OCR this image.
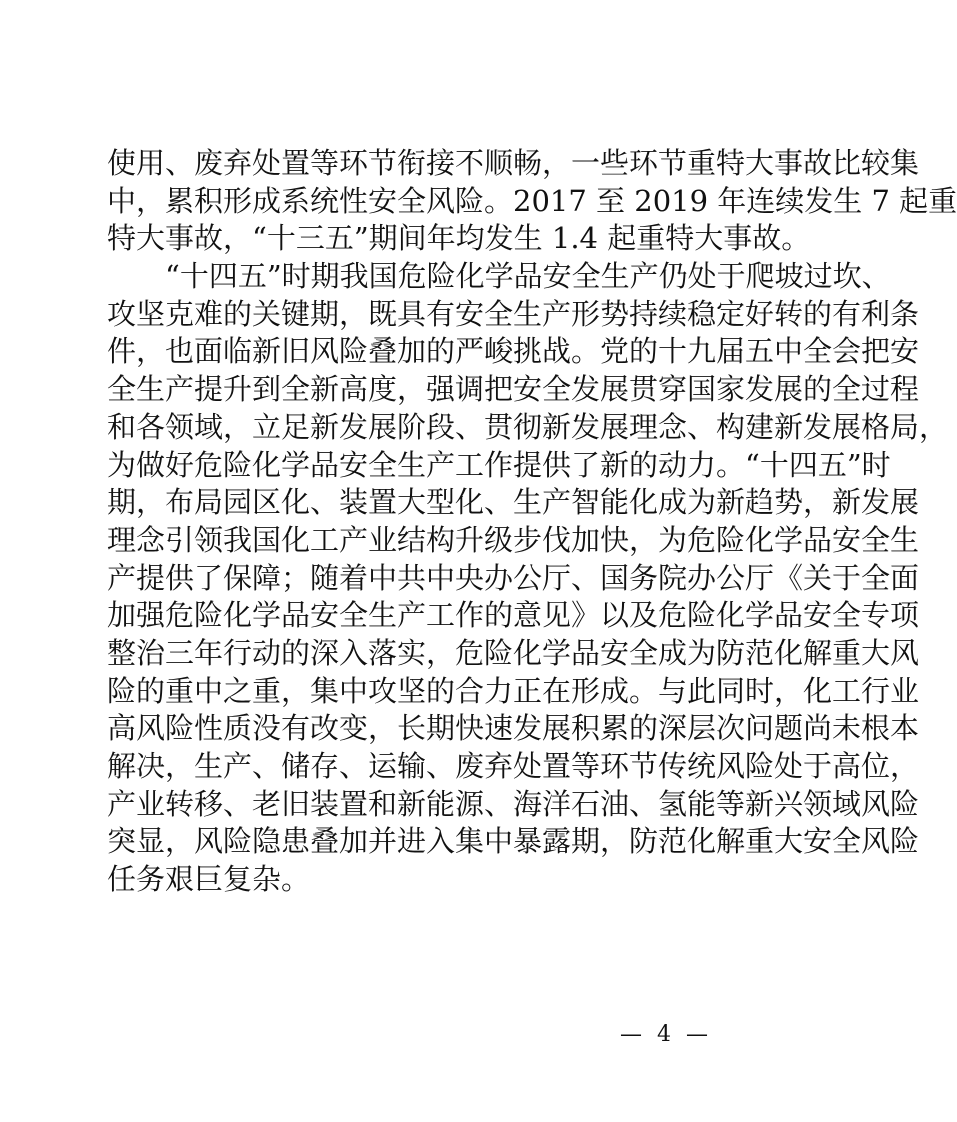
使用、废弃处置等环节衔接不顺畅，一些环节重特大事故比较集
中，累积形成系统性安全风险。2017 至 2019 年连续发生 7 起重
特大事故，“十三五”期间年均发生 1.4 起重特大事故。
　　“十四五”时期我国危险化学品安全生产仍处于爬坡过坎、
攻坚克难的关键期，既具有安全生产形势持续稳定好转的有利条
件，也面临新旧风险叠加的严峻挑战。党的十九届五中全会把安
全生产提升到全新高度，强调把安全发展贯穿国家发展的全过程
和各领域，立足新发展阶段、贯彻新发展理念、构建新发展格局，
为做好危险化学品安全生产工作提供了新的动力。“十四五”时
期，布局园区化、装置大型化、生产智能化成为新趋势，新发展
理念引领我国化工产业结构升级步伐加快，为危险化学品安全生
产提供了保障；随着中共中央办公厅、国务院办公厅《关于全面
加强危险化学品安全生产工作的意见》以及危险化学品安全专项
整治三年行动的深入落实，危险化学品安全成为防范化解重大风
险的重中之重，集中攻坚的合力正在形成。与此同时，化工行业
高风险性质没有改变，长期快速发展积累的深层次问题尚未根本
解决，生产、储存、运输、废弃处置等环节传统风险处于高位，
产业转移、老旧装置和新能源、海洋石油、氢能等新兴领域风险
突显，风险隐患叠加并进入集中暴露期，防范化解重大安全风险
任务艰巨复杂。
— 4 —
